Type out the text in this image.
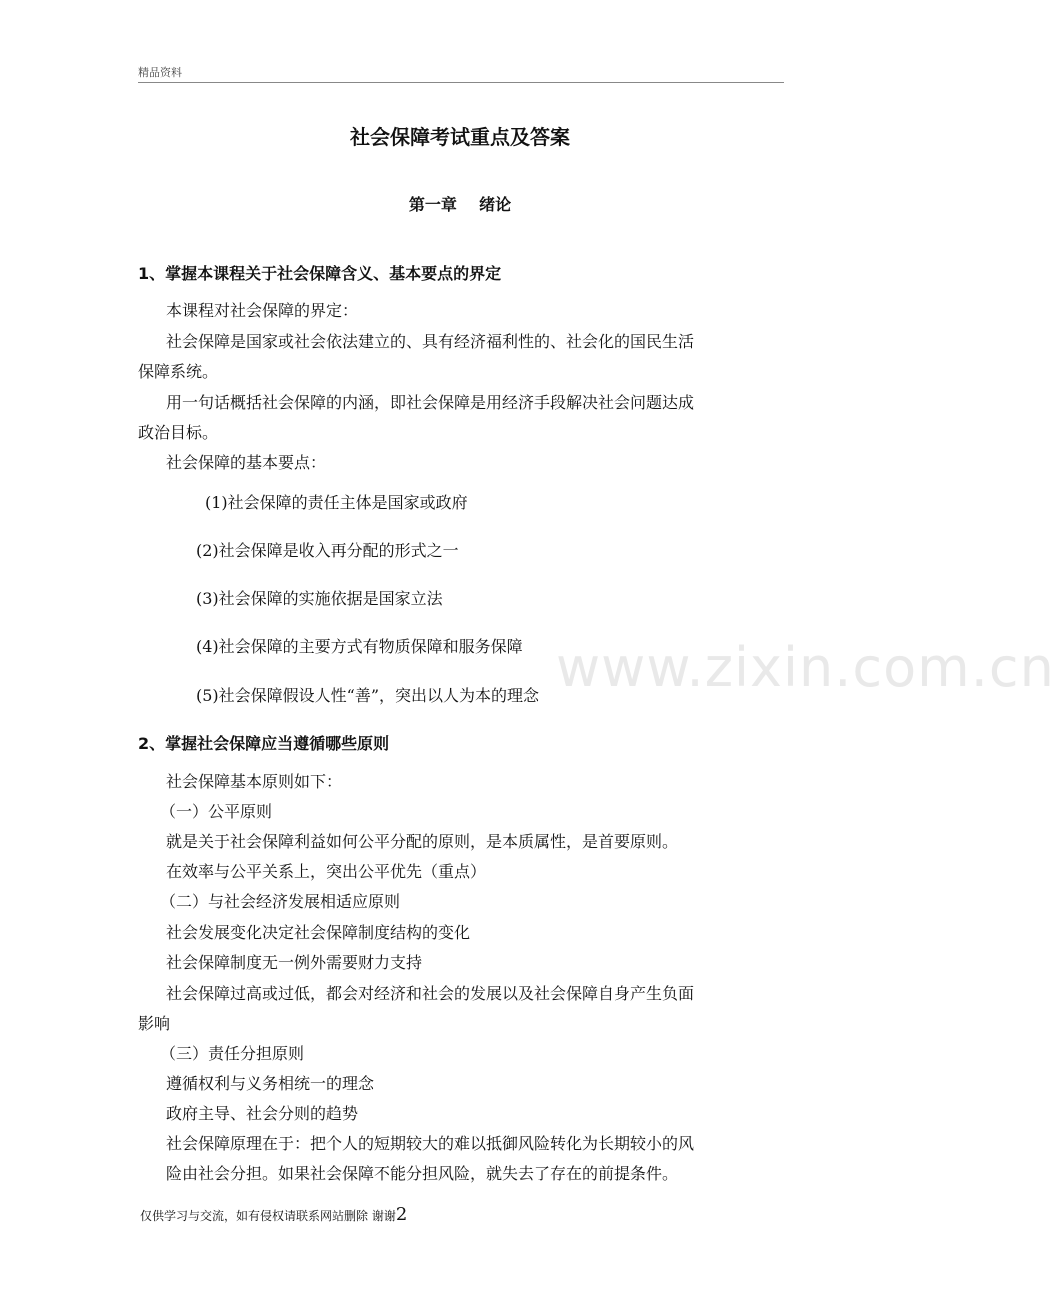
精品资料
www.zixin.com.cn
社会保障考试重点及答案
第一章    绪论
1、掌握本课程关于社会保障含义、基本要点的界定
本课程对社会保障的界定：
社会保障是国家或社会依法建立的、具有经济福利性的、社会化的国民生活
保障系统。
用一句话概括社会保障的内涵，即社会保障是用经济手段解决社会问题达成
政治目标。
社会保障的基本要点：
(1)社会保障的责任主体是国家或政府
(2)社会保障是收入再分配的形式之一
(3)社会保障的实施依据是国家立法
(4)社会保障的主要方式有物质保障和服务保障
(5)社会保障假设人性“善”，突出以人为本的理念
2、掌握社会保障应当遵循哪些原则
社会保障基本原则如下：
（一）公平原则
就是关于社会保障利益如何公平分配的原则，是本质属性，是首要原则。
在效率与公平关系上，突出公平优先（重点）
（二）与社会经济发展相适应原则
社会发展变化决定社会保障制度结构的变化
社会保障制度无一例外需要财力支持
社会保障过高或过低，都会对经济和社会的发展以及社会保障自身产生负面
影响
（三）责任分担原则
遵循权利与义务相统一的理念
政府主导、社会分则的趋势
社会保障原理在于：把个人的短期较大的难以抵御风险转化为长期较小的风
险由社会分担。如果社会保障不能分担风险，就失去了存在的前提条件。
仅供学习与交流，如有侵权请联系网站删除 谢谢2
